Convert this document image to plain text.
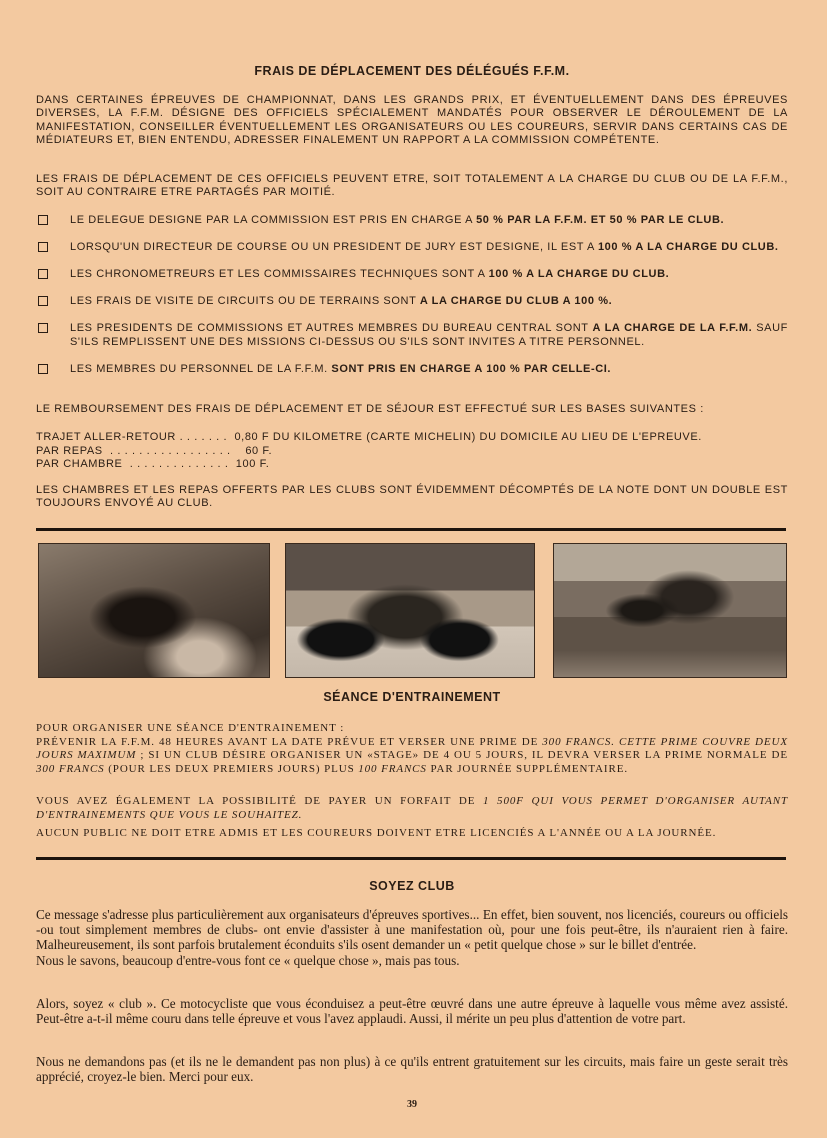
FRAIS DE DÉPLACEMENT DES DÉLÉGUÉS F.F.M.

DANS CERTAINES ÉPREUVES DE CHAMPIONNAT, DANS LES GRANDS PRIX, ET ÉVENTUELLEMENT DANS DES ÉPREUVES DIVERSES, LA F.F.M. DÉSIGNE DES OFFICIELS SPÉCIALEMENT MANDATÉS POUR OBSERVER LE DÉROULEMENT DE LA MANIFESTATION, CONSEILLER ÉVENTUELLEMENT LES ORGANISATEURS OU LES COUREURS, SERVIR DANS CERTAINS CAS DE MÉDIATEURS ET, BIEN ENTENDU, ADRESSER FINALEMENT UN RAPPORT A LA COMMISSION COMPÉTENTE.

LES FRAIS DE DÉPLACEMENT DE CES OFFICIELS PEUVENT ETRE, SOIT TOTALEMENT A LA CHARGE DU CLUB OU DE LA F.F.M., SOIT AU CONTRAIRE ETRE PARTAGÉS PAR MOITIÉ.

LE DELEGUE DESIGNE PAR LA COMMISSION EST PRIS EN CHARGE A 50 % PAR LA F.F.M. ET 50 % PAR LE CLUB.
LORSQU'UN DIRECTEUR DE COURSE OU UN PRESIDENT DE JURY EST DESIGNE, IL EST A 100 % A LA CHARGE DU CLUB.
LES CHRONOMETREURS ET LES COMMISSAIRES TECHNIQUES SONT A 100 % A LA CHARGE DU CLUB.
LES FRAIS DE VISITE DE CIRCUITS OU DE TERRAINS SONT A LA CHARGE DU CLUB A 100 %.
LES PRESIDENTS DE COMMISSIONS ET AUTRES MEMBRES DU BUREAU CENTRAL SONT A LA CHARGE DE LA F.F.M. SAUF S'ILS REMPLISSENT UNE DES MISSIONS CI-DESSUS OU S'ILS SONT INVITES A TITRE PERSONNEL.
LES MEMBRES DU PERSONNEL DE LA F.F.M. SONT PRIS EN CHARGE A 100 % PAR CELLE-CI.

LE REMBOURSEMENT DES FRAIS DE DÉPLACEMENT ET DE SÉJOUR EST EFFECTUÉ SUR LES BASES SUIVANTES :

TRAJET ALLER-RETOUR . . . . . . .  0,80 F DU KILOMETRE (CARTE MICHELIN) DU DOMICILE AU LIEU DE L'EPREUVE.
PAR REPAS  . . . . . . . . . . . . . . . . .    60 F.
PAR CHAMBRE  . . . . . . . . . . . . . .  100 F.

LES CHAMBRES ET LES REPAS OFFERTS PAR LES CLUBS SONT ÉVIDEMMENT DÉCOMPTÉS DE LA NOTE DONT UN DOUBLE EST TOUJOURS ENVOYÉ AU CLUB.

SÉANCE D'ENTRAINEMENT

POUR ORGANISER UNE SÉANCE D'ENTRAINEMENT :
PRÉVENIR LA F.F.M. 48 HEURES AVANT LA DATE PRÉVUE ET VERSER UNE PRIME DE 300 FRANCS. CETTE PRIME COUVRE DEUX JOURS MAXIMUM ; SI UN CLUB DÉSIRE ORGANISER UN «STAGE» DE 4 OU 5 JOURS, IL DEVRA VERSER LA PRIME NORMALE DE 300 FRANCS (POUR LES DEUX PREMIERS JOURS) PLUS 100 FRANCS PAR JOURNÉE SUPPLÉMENTAIRE.

VOUS AVEZ ÉGALEMENT LA POSSIBILITÉ DE PAYER UN FORFAIT DE 1 500F QUI VOUS PERMET D'ORGANISER AUTANT D'ENTRAINEMENTS QUE VOUS LE SOUHAITEZ.

AUCUN PUBLIC NE DOIT ETRE ADMIS ET LES COUREURS DOIVENT ETRE LICENCIÉS A L'ANNÉE OU A LA JOURNÉE.

SOYEZ CLUB

Ce message s'adresse plus particulièrement aux organisateurs d'épreuves sportives... En effet, bien souvent, nos licenciés, coureurs ou officiels -ou tout simplement membres de clubs- ont envie d'assister à une manifestation où, pour une fois peut-être, ils n'auraient rien à faire. Malheureusement, ils sont parfois brutalement éconduits s'ils osent demander un « petit quelque chose » sur le billet d'entrée.
Nous le savons, beaucoup d'entre-vous font ce « quelque chose », mais pas tous.

Alors, soyez « club ». Ce motocycliste que vous éconduisez a peut-être œuvré dans une autre épreuve à laquelle vous même avez assisté. Peut-être a-t-il même couru dans telle épreuve et vous l'avez applaudi. Aussi, il mérite un peu plus d'attention de votre part.

Nous ne demandons pas (et ils ne le demandent pas non plus) à ce qu'ils entrent gratuitement sur les circuits, mais faire un geste serait très apprécié, croyez-le bien. Merci pour eux.

39
